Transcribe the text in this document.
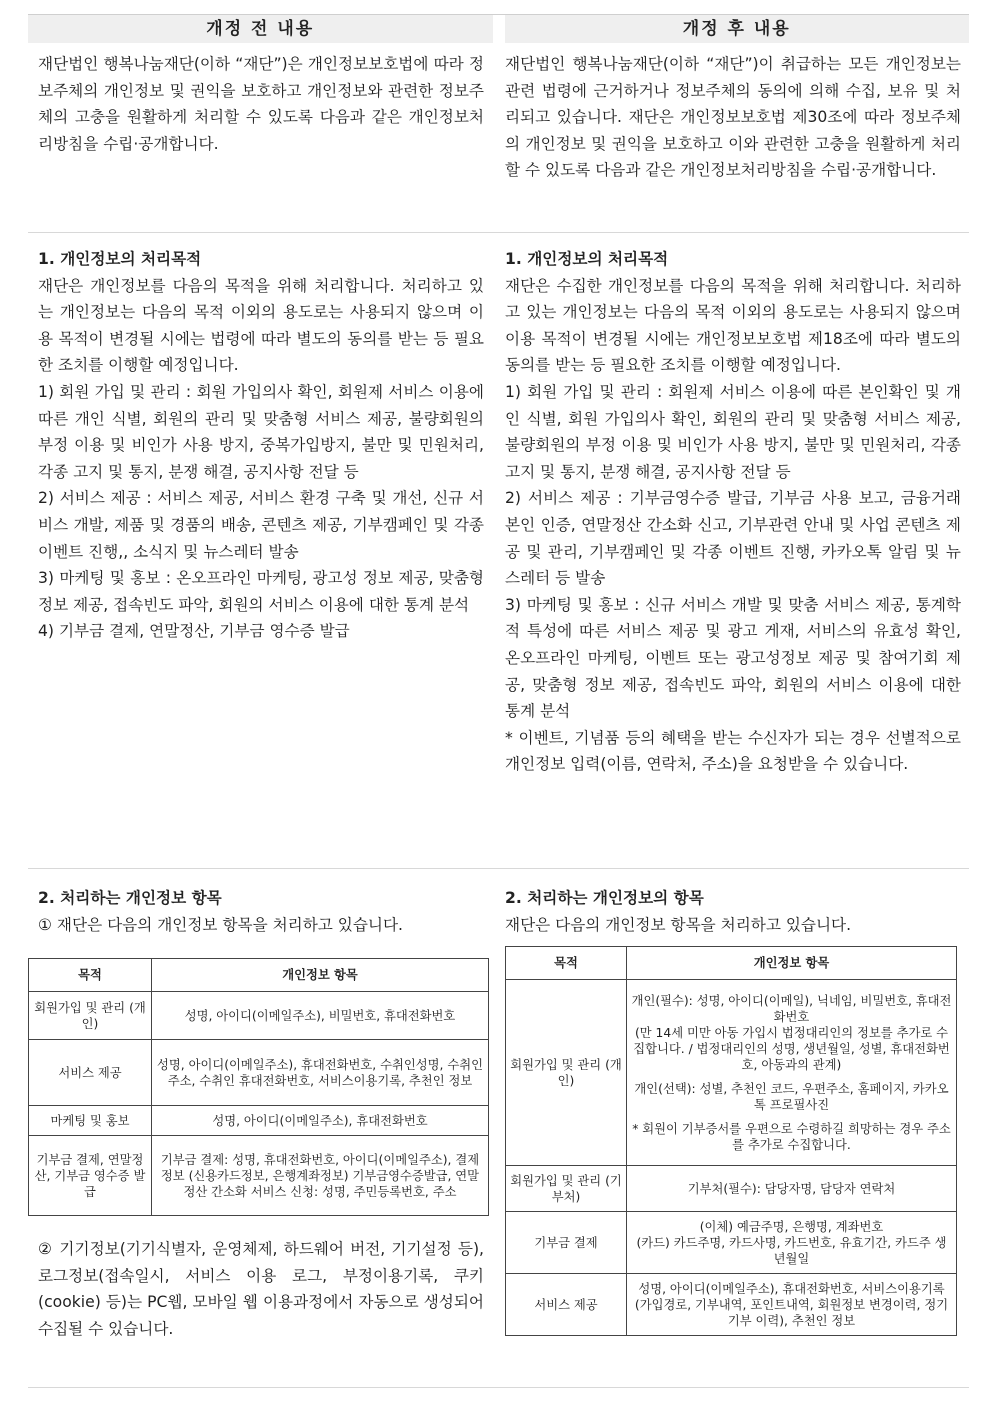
개정 전 내용	개정 후 내용

재단법인 행복나눔재단(이하 “재단”)은 개인정보보호법에 따라 정보주체의 개인정보 및 권익을 보호하고 개인정보와 관련한 정보주체의 고충을 원활하게 처리할 수 있도록 다음과 같은 개인정보처리방침을 수립·공개합니다.

재단법인 행복나눔재단(이하 “재단”)이 취급하는 모든 개인정보는 관련 법령에 근거하거나 정보주체의 동의에 의해 수집, 보유 및 처리되고 있습니다. 재단은 개인정보보호법 제30조에 따라 정보주체의 개인정보 및 권익을 보호하고 이와 관련한 고충을 원활하게 처리할 수 있도록 다음과 같은 개인정보처리방침을 수립·공개합니다.

1. 개인정보의 처리목적

재단은 개인정보를 다음의 목적을 위해 처리합니다. 처리하고 있는 개인정보는 다음의 목적 이외의 용도로는 사용되지 않으며 이용 목적이 변경될 시에는 법령에 따라 별도의 동의를 받는 등 필요한 조치를 이행할 예정입니다.

1) 회원 가입 및 관리 : 회원 가입의사 확인, 회원제 서비스 이용에 따른 개인 식별, 회원의 관리 및 맞춤형 서비스 제공, 불량회원의 부정 이용 및 비인가 사용 방지, 중복가입방지, 불만 및 민원처리, 각종 고지 및 통지, 분쟁 해결, 공지사항 전달 등

2) 서비스 제공 : 서비스 제공, 서비스 환경 구축 및 개선, 신규 서비스 개발, 제품 및 경품의 배송, 콘텐츠 제공, 기부캠페인 및 각종 이벤트 진행,, 소식지 및 뉴스레터 발송

3) 마케팅 및 홍보 : 온오프라인 마케팅, 광고성 정보 제공, 맞춤형 정보 제공, 접속빈도 파악, 회원의 서비스 이용에 대한 통계 분석

4) 기부금 결제, 연말정산, 기부금 영수증 발급

1. 개인정보의 처리목적

재단은 수집한 개인정보를 다음의 목적을 위해 처리합니다. 처리하고 있는 개인정보는 다음의 목적 이외의 용도로는 사용되지 않으며 이용 목적이 변경될 시에는 개인정보보호법 제18조에 따라 별도의 동의를 받는 등 필요한 조치를 이행할 예정입니다.

1) 회원 가입 및 관리 : 회원제 서비스 이용에 따른 본인확인 및 개인 식별, 회원 가입의사 확인, 회원의 관리 및 맞춤형 서비스 제공, 불량회원의 부정 이용 및 비인가 사용 방지, 불만 및 민원처리, 각종 고지 및 통지, 분쟁 해결, 공지사항 전달 등

2) 서비스 제공 : 기부금영수증 발급, 기부금 사용 보고, 금융거래 본인 인증, 연말정산 간소화 신고, 기부관련 안내 및 사업 콘텐츠 제공 및 관리, 기부캠페인 및 각종 이벤트 진행, 카카오톡 알림 및 뉴스레터 등 발송

3) 마케팅 및 홍보 : 신규 서비스 개발 및 맞춤 서비스 제공, 통계학적 특성에 따른 서비스 제공 및 광고 게재, 서비스의 유효성 확인, 온오프라인 마케팅, 이벤트 또는 광고성정보 제공 및 참여기회 제공, 맞춤형 정보 제공, 접속빈도 파악, 회원의 서비스 이용에 대한 통계 분석

* 이벤트, 기념품 등의 혜택을 받는 수신자가 되는 경우 선별적으로 개인정보 입력(이름, 연락처, 주소)을 요청받을 수 있습니다.

2. 처리하는 개인정보 항목

① 재단은 다음의 개인정보 항목을 처리하고 있습니다.

목적	개인정보 항목
회원가입 및 관리 (개인)	성명, 아이디(이메일주소), 비밀번호, 휴대전화번호
서비스 제공	성명, 아이디(이메일주소), 휴대전화번호, 수취인성명, 수취인 주소, 수취인 휴대전화번호, 서비스이용기록, 추천인 정보
마케팅 및 홍보	성명, 아이디(이메일주소), 휴대전화번호
기부금 결제, 연말정산, 기부금 영수증 발급	기부금 결제: 성명, 휴대전화번호, 아이디(이메일주소), 결제정보 (신용카드정보, 은행계좌정보) 기부금영수증발급, 연말정산 간소화 서비스 신청: 성명, 주민등록번호, 주소

② 기기정보(기기식별자, 운영체제, 하드웨어 버전, 기기설정 등), 로그정보(접속일시, 서비스 이용 로그, 부정이용기록, 쿠키(cookie) 등)는 PC웹, 모바일 웹 이용과정에서 자동으로 생성되어 수집될 수 있습니다.

2. 처리하는 개인정보의 항목

재단은 다음의 개인정보 항목을 처리하고 있습니다.

목적	개인정보 항목
회원가입 및 관리 (개인)	개인(필수): 성명, 아이디(이메일), 닉네임, 비밀번호, 휴대전화번호

(만 14세 미만 아동 가입시 법정대리인의 정보를 추가로 수집합니다. / 법정대리인의 성명, 생년월일, 성별, 휴대전화번호, 아동과의 관계)

개인(선택): 성별, 추천인 코드, 우편주소, 홈페이지, 카카오톡 프로필사진

* 회원이 기부증서를 우편으로 수령하길 희망하는 경우 주소를 추가로 수집합니다.

회원가입 및 관리 (기부처)	기부처(필수): 담당자명, 담당자 연락처
기부금 결제	(이체) 예금주명, 은행명, 계좌번호

(카드) 카드주명, 카드사명, 카드번호, 유효기간, 카드주 생년월일

서비스 제공	성명, 아이디(이메일주소), 휴대전화번호, 서비스이용기록(가입경로, 기부내역, 포인트내역, 회원정보 변경이력, 정기기부 이력), 추천인 정보
